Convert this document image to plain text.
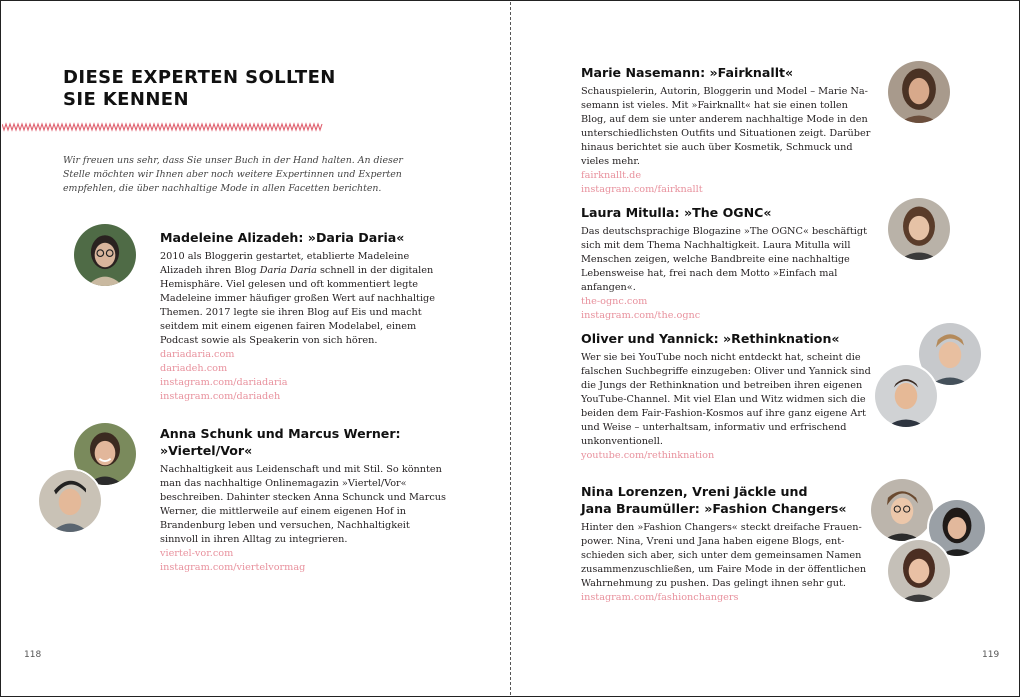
DIESE EXPERTEN SOLLTEN
SIE KENNEN
Wir freuen uns sehr, dass Sie unser Buch in der Hand halten. An dieser Stelle möchten wir Ihnen aber noch weitere Expertinnen und Experten empfehlen, die über nachhaltige Mode in allen Facetten berichten.
Madeleine Alizadeh: »Daria Daria«

2010 als Bloggerin gestartet, etablierte Madeleine Alizadeh ihren Blog Daria Daria schnell in der digitalen Hemisphäre. Viel gelesen und oft kommentiert legte Madeleine immer häufiger großen Wert auf nachhaltige Themen. 2017 legte sie ihren Blog auf Eis und macht seitdem mit einem eigenen fairen Modelabel, einem Podcast sowie als Speakerin von sich hören.

dariadaria.com
dariadeh.com
instagram.com/dariadaria
instagram.com/dariadeh
Anna Schunk und Marcus Werner:
»Viertel/Vor«

Nachhaltigkeit aus Leidenschaft und mit Stil. So könnten man das nachhaltige Onlinemagazin »Viertel/Vor« beschreiben. Dahinter stecken Anna Schunck und Marcus Werner, die mittlerweile auf einem eigenen Hof in Brandenburg leben und versuchen, Nachhaltigkeit sinnvoll in ihren Alltag zu integrieren.

viertel-vor.com
instagram.com/viertelvormag
118
Marie Nasemann: »Fairknallt«

Schauspielerin, Autorin, Bloggerin und Model – Marie Nasemann ist vieles. Mit »Fairknallt« hat sie einen tollen Blog, auf dem sie unter anderem nachhaltige Mode in den unterschiedlichsten Outfits und Situationen zeigt. Darüber hinaus berichtet sie auch über Kosmetik, Schmuck und vieles mehr.

fairknallt.de
instagram.com/fairknallt
Laura Mitulla: »The OGNC«

Das deutschsprachige Blogazine »The OGNC« beschäftigt sich mit dem Thema Nachhaltigkeit. Laura Mitulla will Menschen zeigen, welche Bandbreite eine nachhaltige Lebensweise hat, frei nach dem Motto »Einfach mal anfangen«.

the-ognc.com
instagram.com/the.ognc
Oliver und Yannick: »Rethinknation«

Wer sie bei YouTube noch nicht entdeckt hat, scheint die falschen Suchbegriffe einzugeben: Oliver und Yannick sind die Jungs der Rethinknation und betreiben ihren eigenen YouTube-Channel. Mit viel Elan und Witz widmen sich die beiden dem Fair-Fashion-Kosmos auf ihre ganz eigene Art und Weise – unterhaltsam, informativ und erfrischend unkonventionell.

youtube.com/rethinknation
Nina Lorenzen, Vreni Jäckle und
Jana Braumüller: »Fashion Changers«

Hinter den »Fashion Changers« steckt dreifache Frauenpower. Nina, Vreni und Jana haben eigene Blogs, entschieden sich aber, sich unter dem gemeinsamen Namen zusammenzuschließen, um Faire Mode in der öffentlichen Wahrnehmung zu pushen. Das gelingt ihnen sehr gut.

instagram.com/fashionchangers
119
